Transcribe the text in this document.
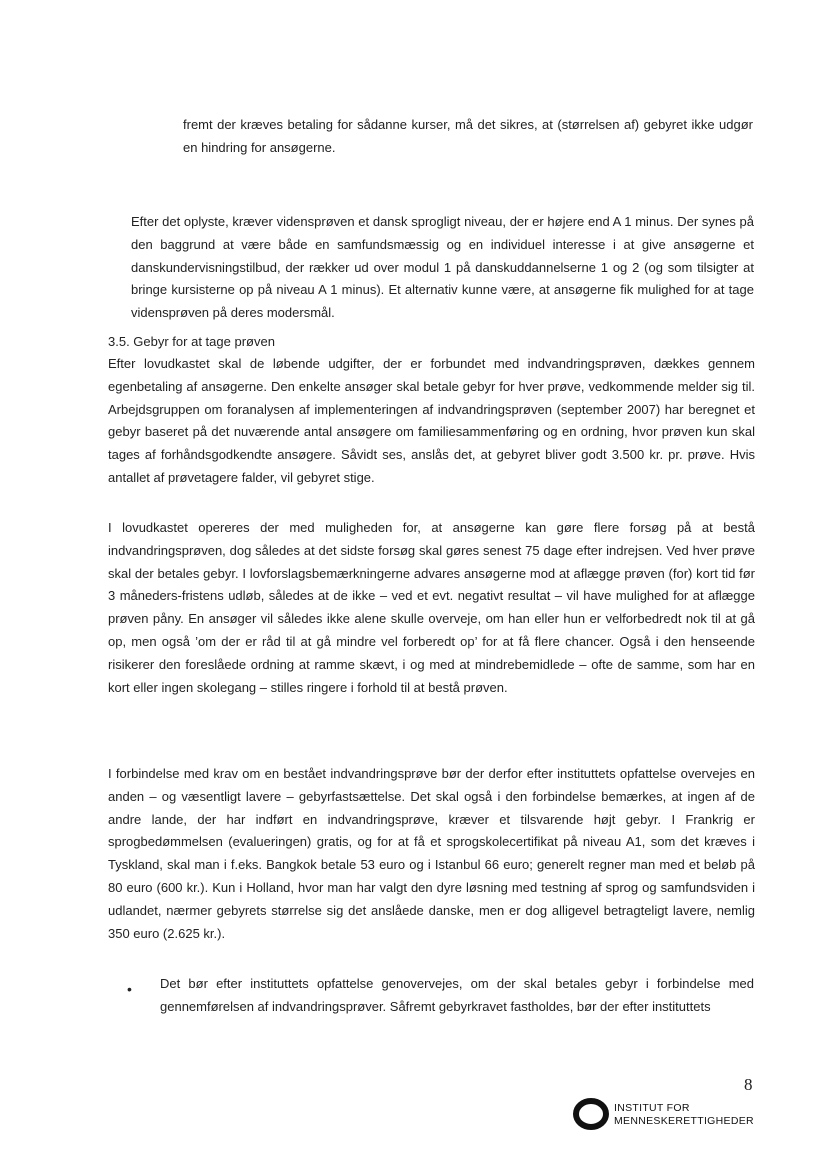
fremt der kræves betaling for sådanne kurser, må det sikres, at (størrelsen af) gebyret ikke udgør en hindring for ansøgerne.

Efter det oplyste, kræver vidensprøven et dansk sprogligt niveau, der er højere end A 1 minus. Der synes på den baggrund at være både en samfundsmæssig og en individuel interesse i at give ansøgerne et danskundervisningstilbud, der rækker ud over modul 1 på danskuddannelserne 1 og 2 (og som tilsigter at bringe kursisterne op på niveau A 1 minus). Et alternativ kunne være, at ansøgerne fik mulighed for at tage vidensprøven på deres modersmål.

3.5. Gebyr for at tage prøven

Efter lovudkastet skal de løbende udgifter, der er forbundet med indvandringsprøven, dækkes gennem egenbetaling af ansøgerne. Den enkelte ansøger skal betale gebyr for hver prøve, vedkommende melder sig til. Arbejdsgruppen om foranalysen af implementeringen af indvandringsprøven (september 2007) har beregnet et gebyr baseret på det nuværende antal ansøgere om familiesammenføring og en ordning, hvor prøven kun skal tages af forhåndsgodkendte ansøgere. Såvidt ses, anslås det, at gebyret bliver godt 3.500 kr. pr. prøve. Hvis antallet af prøvetagere falder, vil gebyret stige.

I lovudkastet opereres der med muligheden for, at ansøgerne kan gøre flere forsøg på at bestå indvandringsprøven, dog således at det sidste forsøg skal gøres senest 75 dage efter indrejsen. Ved hver prøve skal der betales gebyr. I lovforslagsbemærkningerne advares ansøgerne mod at aflægge prøven (for) kort tid før 3 måneders-fristens udløb, således at de ikke – ved et evt. negativt resultat – vil have mulighed for at aflægge prøven påny. En ansøger vil således ikke alene skulle overveje, om han eller hun er velforbedredt nok til at gå op, men også ’om der er råd til at gå mindre vel forberedt op’ for at få flere chancer. Også i den henseende risikerer den foreslåede ordning at ramme skævt, i og med at mindrebemidlede – ofte de samme, som har en kort eller ingen skolegang – stilles ringere i forhold til at bestå prøven.

I forbindelse med krav om en bestået indvandringsprøve bør der derfor efter instituttets opfattelse overvejes en anden – og væsentligt lavere – gebyrfastsættelse. Det skal også i den forbindelse bemærkes, at ingen af de andre lande, der har indført en indvandringsprøve, kræver et tilsvarende højt gebyr. I Frankrig er sprogbedømmelsen (evalueringen) gratis, og for at få et sprogskolecertifikat på niveau A1, som det kræves i Tyskland, skal man i f.eks. Bangkok betale 53 euro og i Istanbul 66 euro; generelt regner man med et beløb på 80 euro (600 kr.). Kun i Holland, hvor man har valgt den dyre løsning med testning af sprog og samfundsviden i udlandet, nærmer gebyrets størrelse sig det anslåede danske, men er dog alligevel betragteligt lavere, nemlig 350 euro (2.625 kr.).

• Det bør efter instituttets opfattelse genovervejes, om der skal betales gebyr i forbindelse med gennemførelsen af indvandringsprøver. Såfremt gebyrkravet fastholdes, bør der efter instituttets

8
INSTITUT FOR
MENNESKERETTIGHEDER
